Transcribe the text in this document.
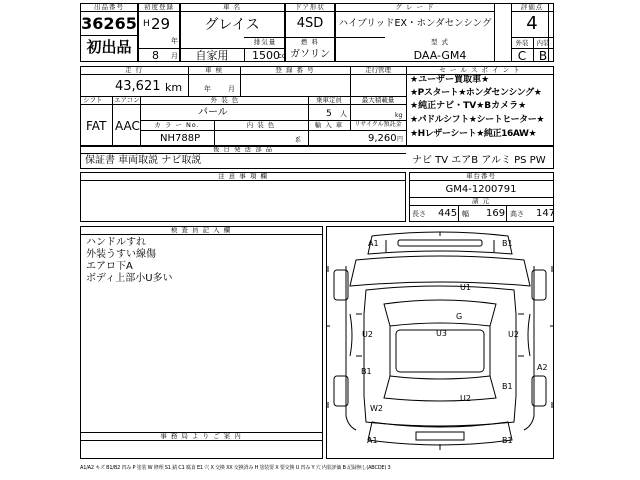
出品番号
36265
初出品
初度登録
H 29
年
8 月
車 名
グレイス
自家用
ドア形状
4SD
排気量
1500
cc
燃 料
ガソリン
グ レ ー ド
ハイブリッドEX・ホンダセンシング
型 式
DAA-GM4
評価点
4
外装 内装
C B
走 行
43,621 km
車 検
年 月
登 録 番 号	走行管理	セ ー ル ス ポ イ ン ト
シフト エアコン
FAT AAC
外 装 色
パール
カ ラ ー No.
NH788P
内 装 色
系
乗車定員
5 人
最大積載量
kg
輸 入 車 リサイクル預託金
9,260 円
★ユーザー買取車★
★Pスタート★ホンダセンシング★
★純正ナビ・TV★Bカメラ★
★パドルシフト★シートヒーター★
★Hレザーシート★純正16AW★
後 日 発 送 部 品
保証書 車両取説 ナビ取説	ナビ TV エアB アルミ PS PW
注 意 事 項 欄	車台番号
GM4-1200791
諸 元
長さ 445 幅 169 高さ 147
検 査 員 記 入 欄
ハンドルすれ
外装うすい線傷
エアロ下A
ボディ上部小U多い
事 務 局 よ り ご 案 内
A1	B1
U1
G
U2	U3	U2
B1	A2
B1
W2
U2
A1	B1
A1/A2 キズ B1/B2 凹み P 塗装 W 修理 S1 錆 C1 腐食 E1 穴 X 交換 XX 交換済み H 塗装要 X 要交換 U 凹み Y 穴 内装評価 B 記録無し(ABCDE) 3
